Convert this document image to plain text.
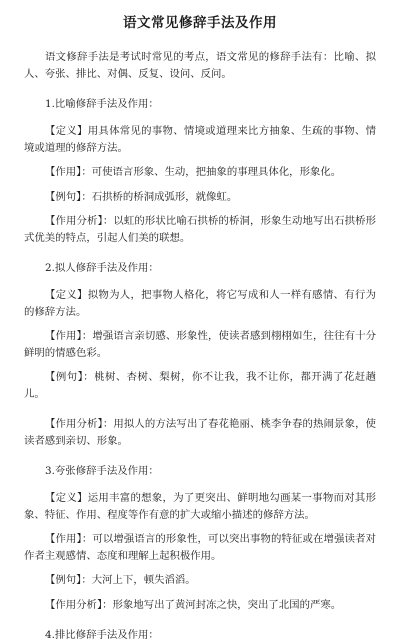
语文常见修辞手法及作用

语文修辞手法是考试时常见的考点，语文常见的修辞手法有：比喻、拟人、夸张、排比、对偶、反复、设问、反问。

1.比喻修辞手法及作用：

【定义】用具体常见的事物、情境或道理来比方抽象、生疏的事物、情境或道理的修辞方法。

【作用】：可使语言形象、生动，把抽象的事理具体化，形象化。

【例句】：石拱桥的桥洞成弧形，就像虹。

【作用分析】：以虹的形状比喻石拱桥的桥洞，形象生动地写出石拱桥形式优美的特点，引起人们美的联想。

2.拟人修辞手法及作用：

【定义】拟物为人，把事物人格化，将它写成和人一样有感情、有行为的修辞方法。

【作用】：增强语言亲切感、形象性，使读者感到栩栩如生，往往有十分鲜明的情感色彩。

【例句】：桃树、杏树、梨树，你不让我，我不让你，都开满了花赶趟儿。

【作用分析】：用拟人的方法写出了春花艳丽、桃李争春的热闹景象，使读者感到亲切、形象。

3.夸张修辞手法及作用：

【定义】运用丰富的想象，为了更突出、鲜明地勾画某一事物而对其形象、特征、作用、程度等作有意的扩大或缩小描述的修辞方法。

【作用】：可以增强语言的形象性，可以突出事物的特征或在增强读者对作者主观感情、态度和理解上起积极作用。

【例句】：大河上下，顿失滔滔。

【作用分析】：形象地写出了黄河封冻之快，突出了北国的严寒。

4.排比修辞手法及作用：
